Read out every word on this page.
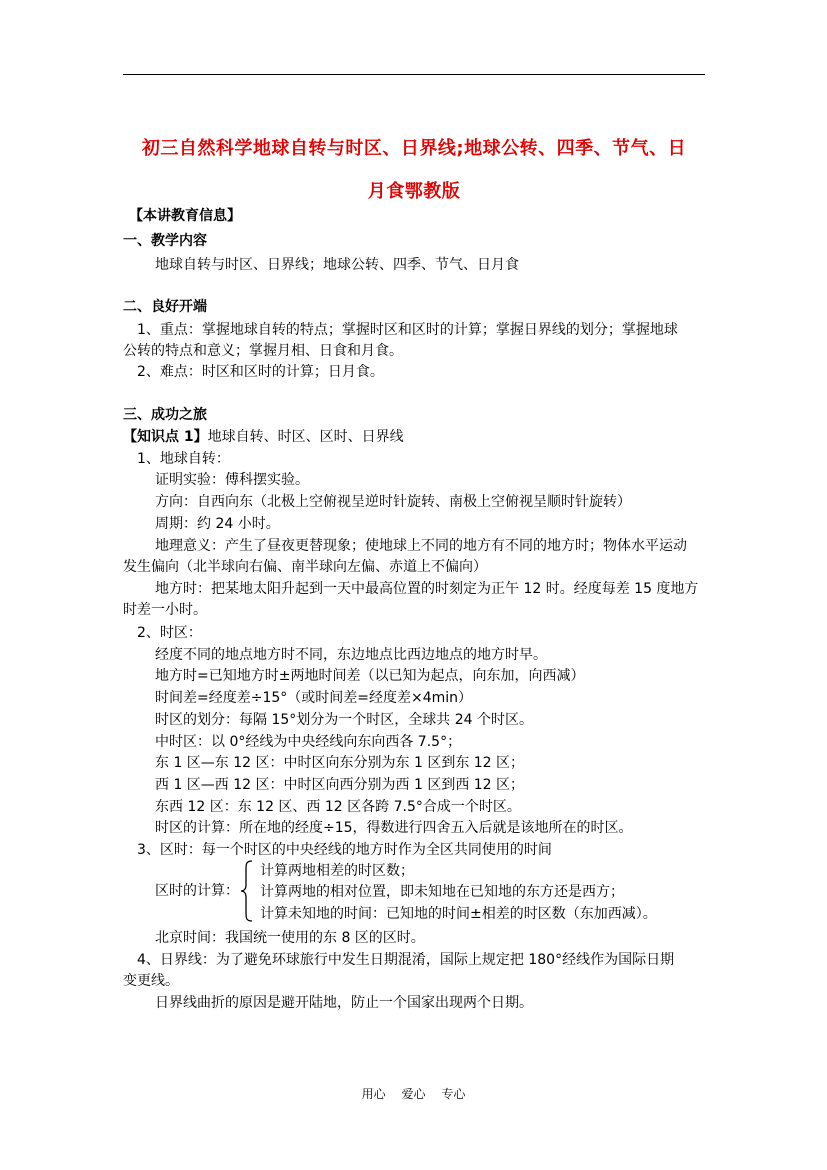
初三自然科学地球自转与时区、日界线;地球公转、四季、节气、日
月食鄂教版
【本讲教育信息】
一、教学内容
地球自转与时区、日界线；地球公转、四季、节气、日月食
二、良好开端
1、重点：掌握地球自转的特点；掌握时区和区时的计算；掌握日界线的划分；掌握地球
公转的特点和意义；掌握月相、日食和月食。
2、难点：时区和区时的计算；日月食。
三、成功之旅
【知识点 1】地球自转、时区、区时、日界线
1、地球自转：
证明实验：傅科摆实验。
方向：自西向东（北极上空俯视呈逆时针旋转、南极上空俯视呈顺时针旋转）
周期：约 24 小时。
地理意义：产生了昼夜更替现象；使地球上不同的地方有不同的地方时；物体水平运动
发生偏向（北半球向右偏、南半球向左偏、赤道上不偏向）
地方时：把某地太阳升起到一天中最高位置的时刻定为正午 12 时。经度每差 15 度地方
时差一小时。
2、时区：
经度不同的地点地方时不同，东边地点比西边地点的地方时早。
地方时=已知地方时±两地时间差（以已知为起点，向东加，向西减）
时间差=经度差÷15°（或时间差=经度差×4min）
时区的划分：每隔 15°划分为一个时区，全球共 24 个时区。
中时区：以 0°经线为中央经线向东向西各 7.5°；
东 1 区—东 12 区：中时区向东分别为东 1 区到东 12 区；
西 1 区—西 12 区：中时区向西分别为西 1 区到西 12 区；
东西 12 区：东 12 区、西 12 区各跨 7.5°合成一个时区。
时区的计算：所在地的经度÷15，得数进行四舍五入后就是该地所在的时区。
3、区时：每一个时区的中央经线的地方时作为全区共同使用的时间
区时的计算：
计算两地相差的时区数；
计算两地的相对位置，即未知地在已知地的东方还是西方；
计算未知地的时间：已知地的时间±相差的时区数（东加西减）。
北京时间：我国统一使用的东 8 区的区时。
4、日界线：为了避免环球旅行中发生日期混淆，国际上规定把 180°经线作为国际日期
变更线。
日界线曲折的原因是避开陆地，防止一个国家出现两个日期。
用心 爱心 专心
